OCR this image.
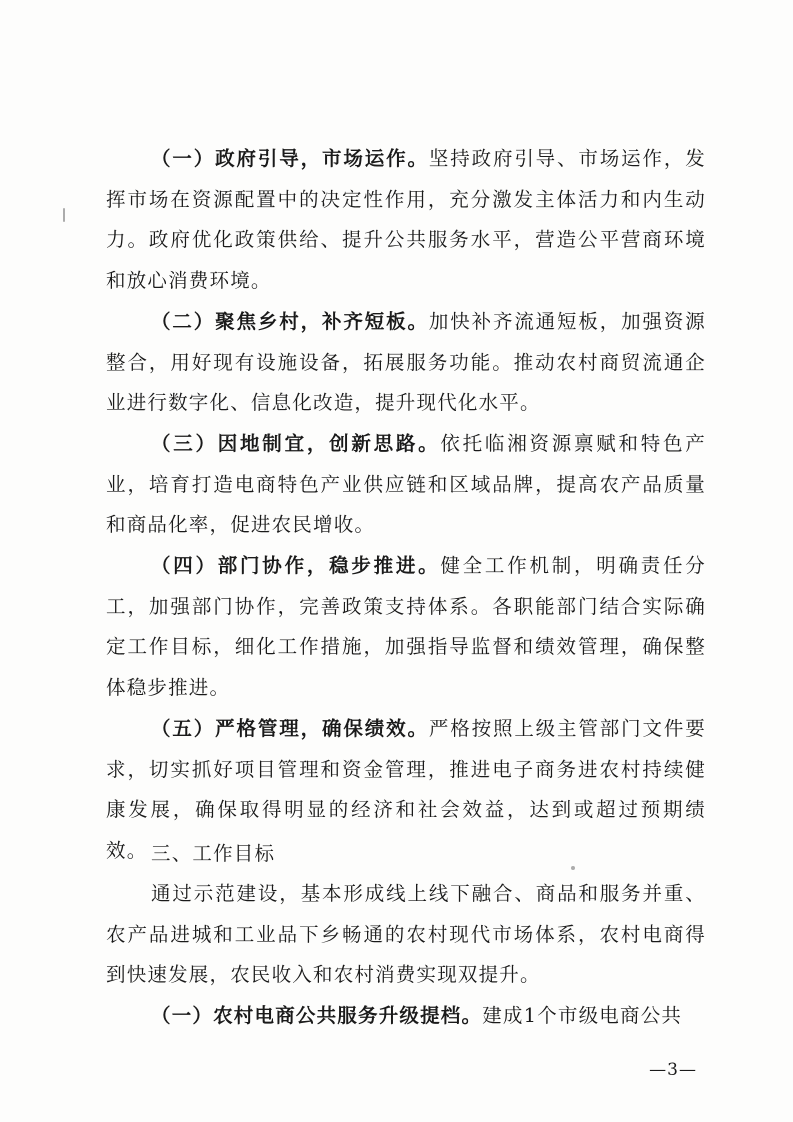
（一）政府引导，市场运作。坚持政府引导、市场运作，发挥市场在资源配置中的决定性作用，充分激发主体活力和内生动力。政府优化政策供给、提升公共服务水平，营造公平营商环境和放心消费环境。

（二）聚焦乡村，补齐短板。加快补齐流通短板，加强资源整合，用好现有设施设备，拓展服务功能。推动农村商贸流通企业进行数字化、信息化改造，提升现代化水平。

（三）因地制宜，创新思路。依托临湘资源禀赋和特色产业，培育打造电商特色产业供应链和区域品牌，提高农产品质量和商品化率，促进农民增收。

（四）部门协作，稳步推进。健全工作机制，明确责任分工，加强部门协作，完善政策支持体系。各职能部门结合实际确定工作目标，细化工作措施，加强指导监督和绩效管理，确保整体稳步推进。

（五）严格管理，确保绩效。严格按照上级主管部门文件要求，切实抓好项目管理和资金管理，推进电子商务进农村持续健康发展，确保取得明显的经济和社会效益，达到或超过预期绩效。 三、工作目标

通过示范建设，基本形成线上线下融合、商品和服务并重、农产品进城和工业品下乡畅通的农村现代市场体系，农村电商得到快速发展，农民收入和农村消费实现双提升。

（一）农村电商公共服务升级提档。建成1个市级电商公共

—3—
